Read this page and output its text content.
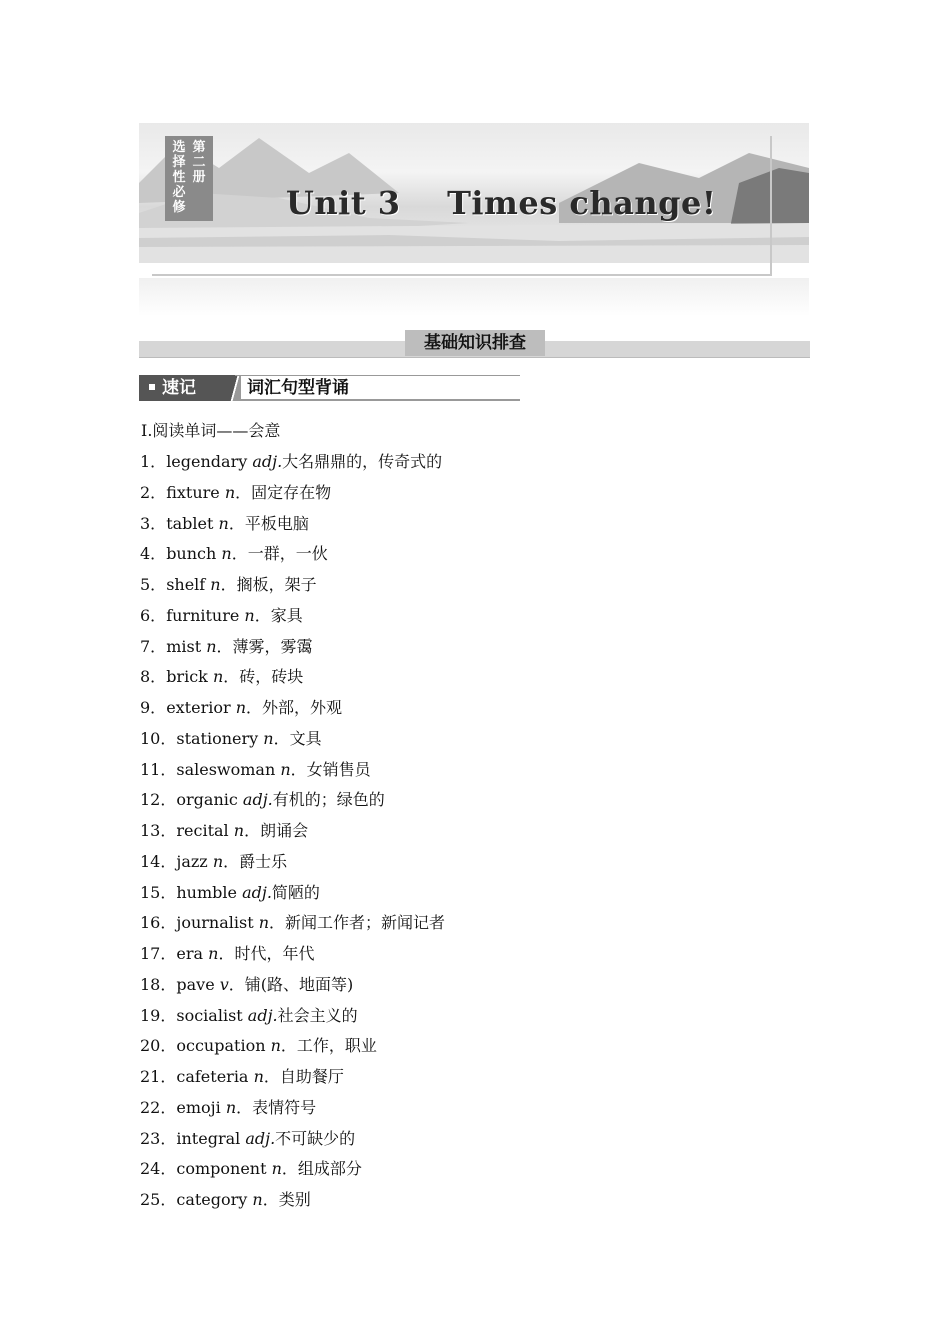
选择性必修
第二册
Unit 3    Times change!
基础知识排查
速记	词汇句型背诵
Ⅰ.阅读单词——会意
1．legendary adj.大名鼎鼎的，传奇式的
2．fixture n．固定存在物
3．tablet n．平板电脑
4．bunch n．一群，一伙
5．shelf n．搁板，架子
6．furniture n．家具
7．mist n．薄雾，雾霭
8．brick n．砖，砖块
9．exterior n．外部，外观
10．stationery n．文具
11．saleswoman n．女销售员
12．organic adj.有机的；绿色的
13．recital n．朗诵会
14．jazz n．爵士乐
15．humble adj.简陋的
16．journalist n．新闻工作者；新闻记者
17．era n．时代，年代
18．pave v．铺(路、地面等)
19．socialist adj.社会主义的
20．occupation n．工作，职业
21．cafeteria n．自助餐厅
22．emoji n．表情符号
23．integral adj.不可缺少的
24．component n．组成部分
25．category n．类别
